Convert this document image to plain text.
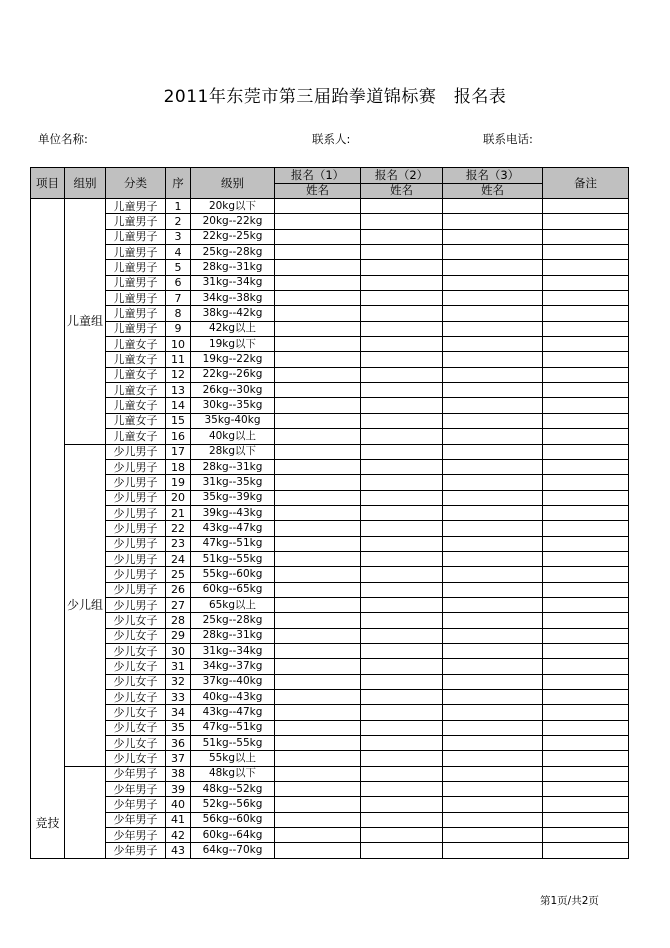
2011年东莞市第三届跆拳道锦标赛　报名表
单位名称:	联系人:	联系电话:
项目	组别	分类	序	级别	报名（1）	报名（2）	报名（3）	备注
					姓名	姓名	姓名	
竞技	儿童组	儿童男子	1	20kg以下				
		儿童男子	2	20kg--22kg				
		儿童男子	3	22kg--25kg				
		儿童男子	4	25kg--28kg				
		儿童男子	5	28kg--31kg				
		儿童男子	6	31kg--34kg				
		儿童男子	7	34kg--38kg				
		儿童男子	8	38kg--42kg				
		儿童男子	9	42kg以上				
		儿童女子	10	19kg以下				
		儿童女子	11	19kg--22kg				
		儿童女子	12	22kg--26kg				
		儿童女子	13	26kg--30kg				
		儿童女子	14	30kg--35kg				
		儿童女子	15	35kg-40kg				
		儿童女子	16	40kg以上				
	少儿组	少儿男子	17	28kg以下				
		少儿男子	18	28kg--31kg				
		少儿男子	19	31kg--35kg				
		少儿男子	20	35kg--39kg				
		少儿男子	21	39kg--43kg				
		少儿男子	22	43kg--47kg				
		少儿男子	23	47kg--51kg				
		少儿男子	24	51kg--55kg				
		少儿男子	25	55kg--60kg				
		少儿男子	26	60kg--65kg				
		少儿男子	27	65kg以上				
		少儿女子	28	25kg--28kg				
		少儿女子	29	28kg--31kg				
		少儿女子	30	31kg--34kg				
		少儿女子	31	34kg--37kg				
		少儿女子	32	37kg--40kg				
		少儿女子	33	40kg--43kg				
		少儿女子	34	43kg--47kg				
		少儿女子	35	47kg--51kg				
		少儿女子	36	51kg--55kg				
		少儿女子	37	55kg以上				
		少年男子	38	48kg以下				
		少年男子	39	48kg--52kg				
		少年男子	40	52kg--56kg				
		少年男子	41	56kg--60kg				
		少年男子	42	60kg--64kg				
		少年男子	43	64kg--70kg				
第1页/共2页
